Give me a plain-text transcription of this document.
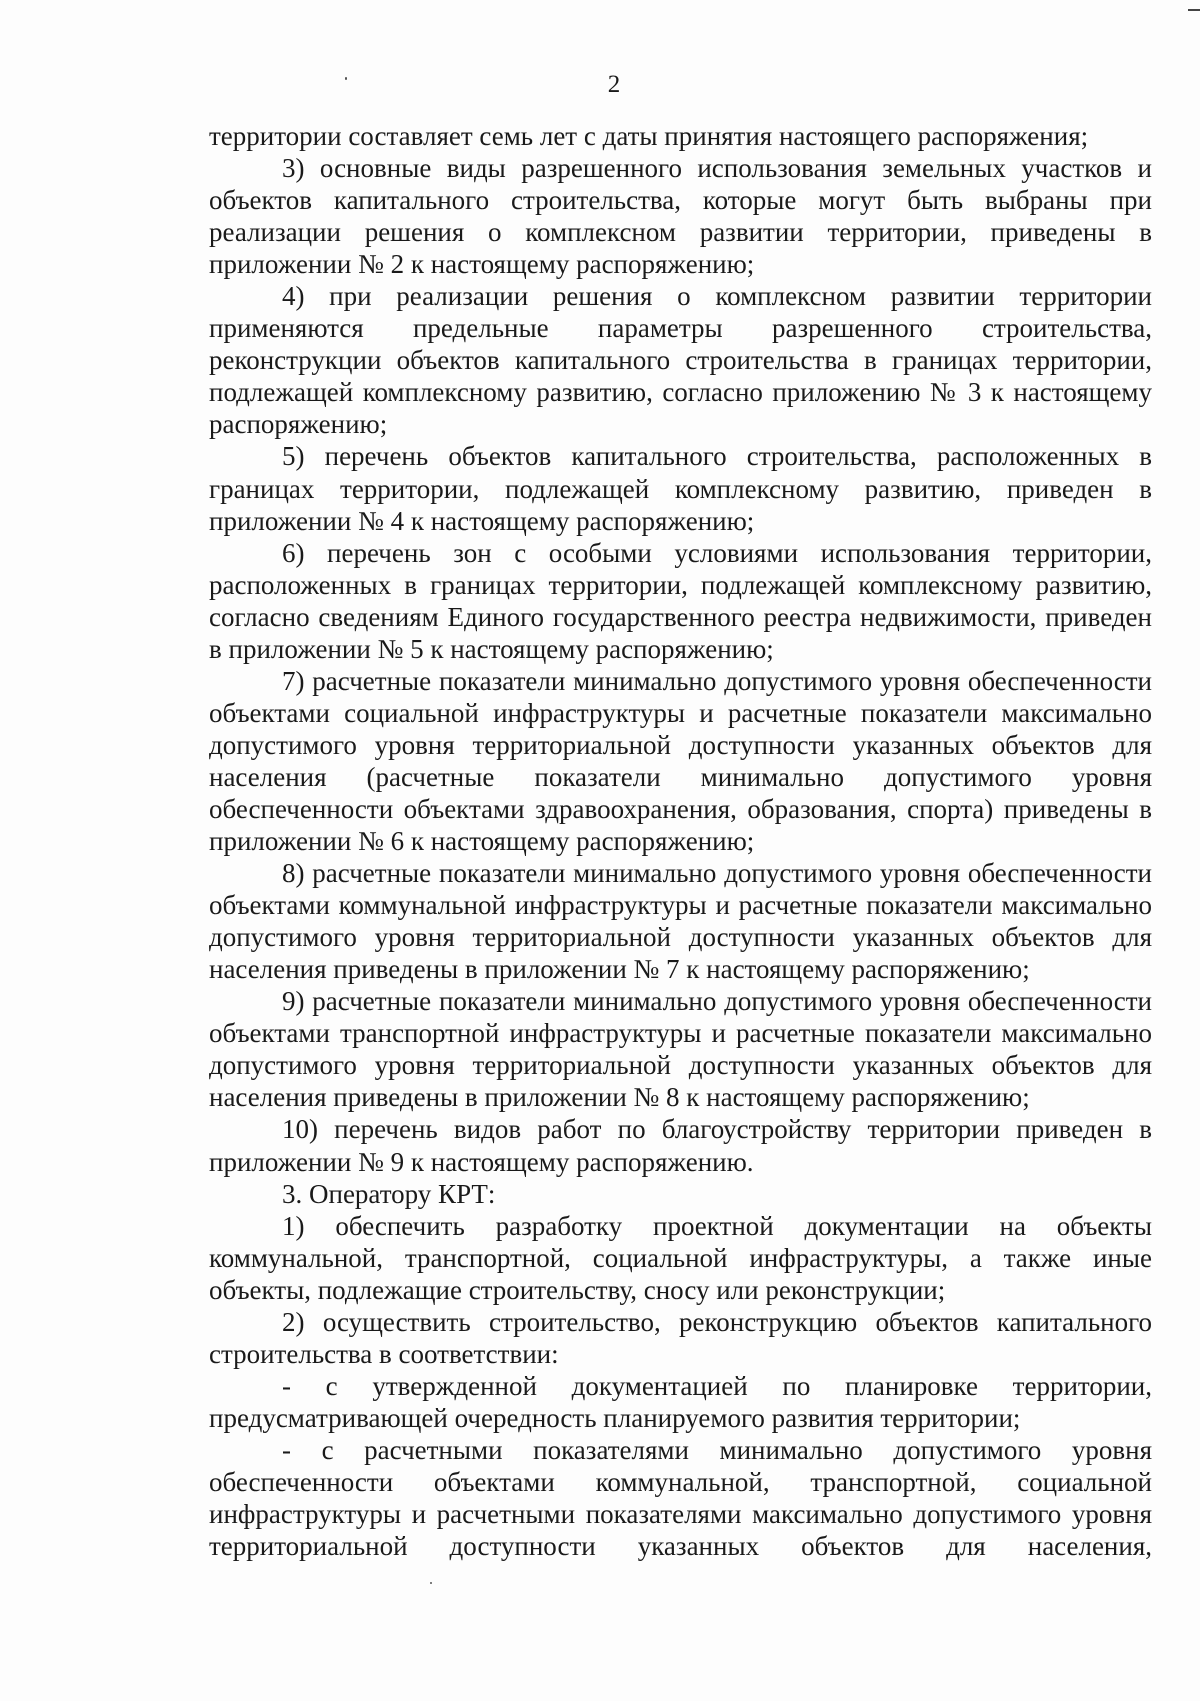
2

территории составляет семь лет с даты принятия настоящего распоряжения;

3) основные виды разрешенного использования земельных участков и объектов капитального строительства, которые могут быть выбраны при реализации решения о комплексном развитии территории, приведены в приложении № 2 к настоящему распоряжению;

4) при реализации решения о комплексном развитии территории применяются предельные параметры разрешенного строительства, реконструкции объектов капитального строительства в границах территории, подлежащей комплексному развитию, согласно приложению № 3 к настоящему распоряжению;

5) перечень объектов капитального строительства, расположенных в границах территории, подлежащей комплексному развитию, приведен в приложении № 4 к настоящему распоряжению;

6) перечень зон с особыми условиями использования территории, расположенных в границах территории, подлежащей комплексному развитию, согласно сведениям Единого государственного реестра недвижимости, приведен в приложении № 5 к настоящему распоряжению;

7) расчетные показатели минимально допустимого уровня обеспеченности объектами социальной инфраструктуры и расчетные показатели максимально допустимого уровня территориальной доступности указанных объектов для населения (расчетные показатели минимально допустимого уровня обеспеченности объектами здравоохранения, образования, спорта) приведены в приложении № 6 к настоящему распоряжению;

8) расчетные показатели минимально допустимого уровня обеспеченности объектами коммунальной инфраструктуры и расчетные показатели максимально допустимого уровня территориальной доступности указанных объектов для населения приведены в приложении № 7 к настоящему распоряжению;

9) расчетные показатели минимально допустимого уровня обеспеченности объектами транспортной инфраструктуры и расчетные показатели максимально допустимого уровня территориальной доступности указанных объектов для населения приведены в приложении № 8 к настоящему распоряжению;

10) перечень видов работ по благоустройству территории приведен в приложении № 9 к настоящему распоряжению.

3. Оператору КРТ:

1) обеспечить разработку проектной документации на объекты коммунальной, транспортной, социальной инфраструктуры, а также иные объекты, подлежащие строительству, сносу или реконструкции;

2) осуществить строительство, реконструкцию объектов капитального строительства в соответствии:

- с утвержденной документацией по планировке территории, предусматривающей очередность планируемого развития территории;

- с расчетными показателями минимально допустимого уровня обеспеченности объектами коммунальной, транспортной, социальной инфраструктуры и расчетными показателями максимально допустимого уровня территориальной доступности указанных объектов для населения,
